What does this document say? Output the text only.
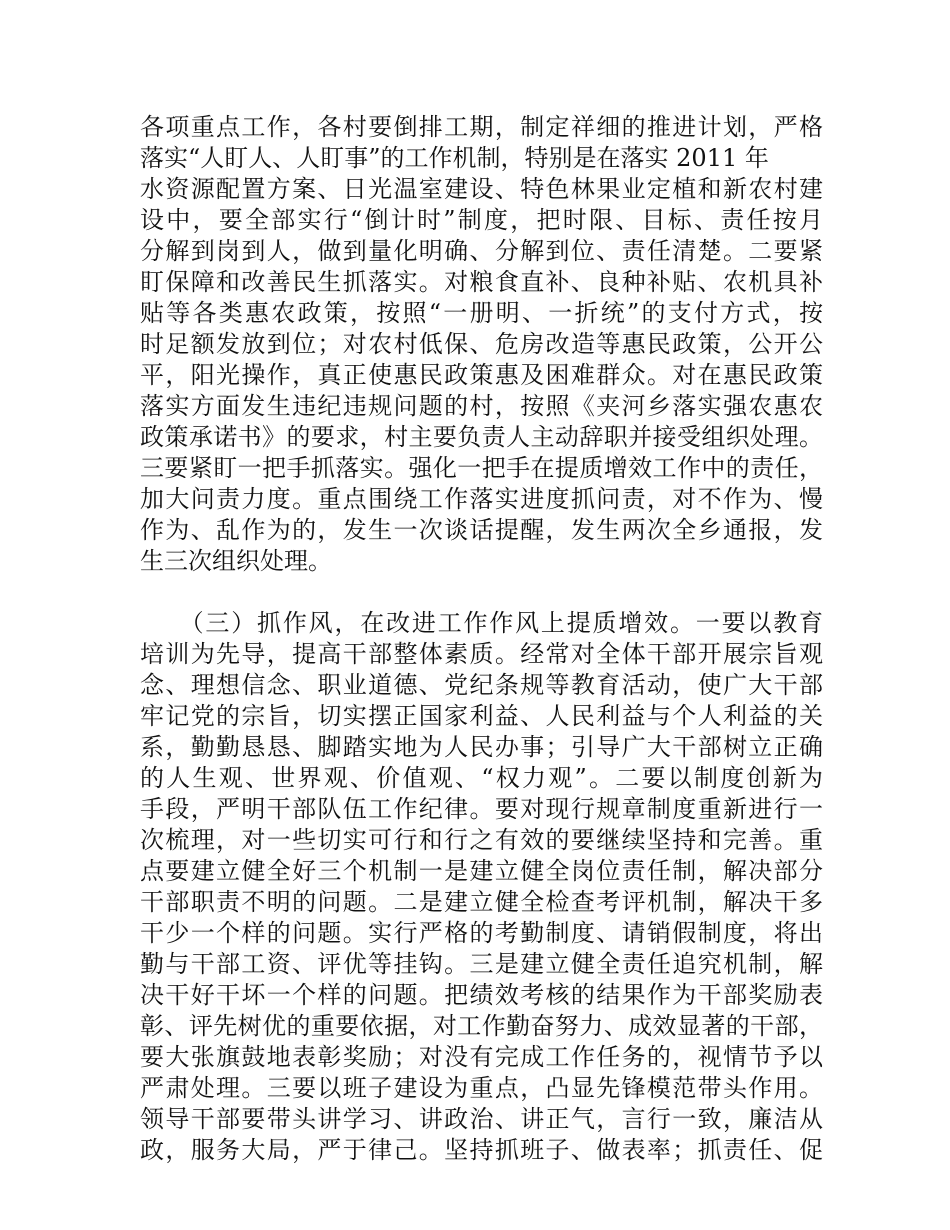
各项重点工作，各村要倒排工期，制定祥细的推进计划，严格
落实“人盯人、人盯事”的工作机制，特别是在落实 2011 年
水资源配置方案、日光温室建设、特色林果业定植和新农村建
设中，要全部实行“倒计时”制度，把时限、目标、责任按月
分解到岗到人，做到量化明确、分解到位、责任清楚。二要紧
盯保障和改善民生抓落实。对粮食直补、良种补贴、农机具补
贴等各类惠农政策，按照“一册明、一折统”的支付方式，按
时足额发放到位；对农村低保、危房改造等惠民政策，公开公
平，阳光操作，真正使惠民政策惠及困难群众。对在惠民政策
落实方面发生违纪违规问题的村，按照《夹河乡落实强农惠农
政策承诺书》的要求，村主要负责人主动辞职并接受组织处理。
三要紧盯一把手抓落实。强化一把手在提质增效工作中的责任，
加大问责力度。重点围绕工作落实进度抓问责，对不作为、慢
作为、乱作为的，发生一次谈话提醒，发生两次全乡通报，发
生三次组织处理。
　　（三）抓作风，在改进工作作风上提质增效。一要以教育
培训为先导，提高干部整体素质。经常对全体干部开展宗旨观
念、理想信念、职业道德、党纪条规等教育活动，使广大干部
牢记党的宗旨，切实摆正国家利益、人民利益与个人利益的关
系，勤勤恳恳、脚踏实地为人民办事；引导广大干部树立正确
的人生观、世界观、价值观、“权力观”。二要以制度创新为
手段，严明干部队伍工作纪律。要对现行规章制度重新进行一
次梳理，对一些切实可行和行之有效的要继续坚持和完善。重
点要建立健全好三个机制一是建立健全岗位责任制，解决部分
干部职责不明的问题。二是建立健全检查考评机制，解决干多
干少一个样的问题。实行严格的考勤制度、请销假制度，将出
勤与干部工资、评优等挂钩。三是建立健全责任追究机制，解
决干好干坏一个样的问题。把绩效考核的结果作为干部奖励表
彰、评先树优的重要依据，对工作勤奋努力、成效显著的干部，
要大张旗鼓地表彰奖励；对没有完成工作任务的，视情节予以
严肃处理。三要以班子建设为重点，凸显先锋模范带头作用。
领导干部要带头讲学习、讲政治、讲正气，言行一致，廉洁从
政，服务大局，严于律己。坚持抓班子、做表率；抓责任、促
